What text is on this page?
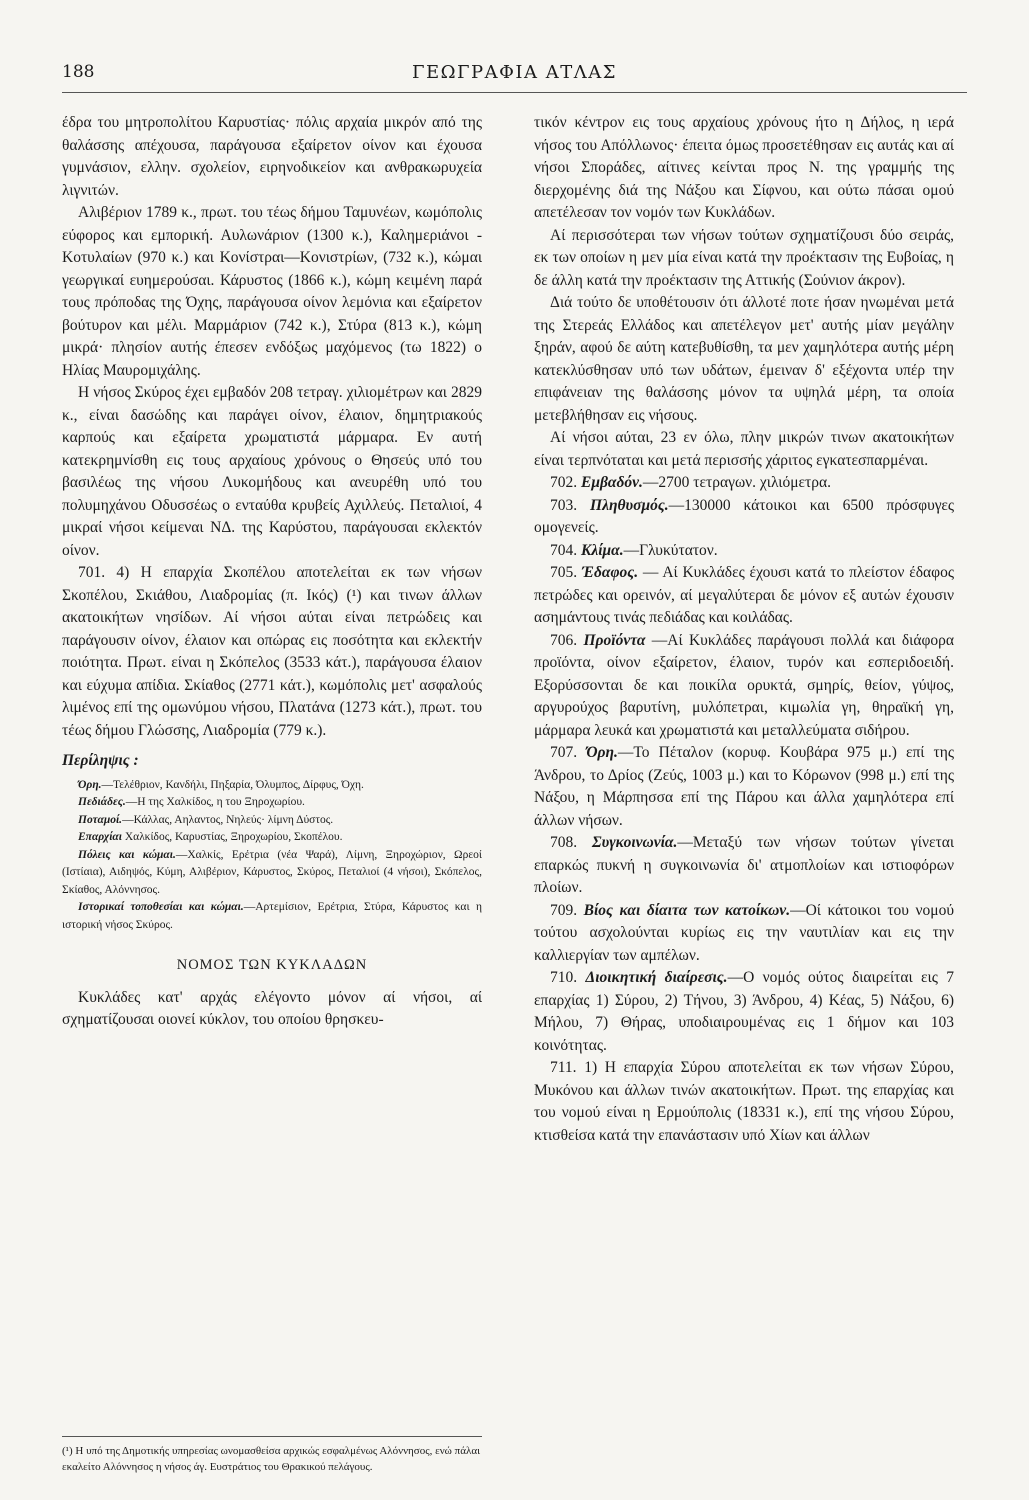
188	ΓΕΩΓΡΑΦΙΑ ΑΤΛΑΣ

έδρα του μητροπολίτου Καρυστίας· πόλις αρχαία μικρόν από της θαλάσσης απέχουσα, παράγουσα εξαίρετον οίνον και έχουσα γυμνάσιον, ελλην. σχολείον, ειρηνοδικείον και ανθρακωρυχεία λιγνιτών.

Αλιβέριον 1789 κ., πρωτ. του τέως δήμου Ταμυνέων, κωμόπολις εύφορος και εμπορική. Αυλωνάριον (1300 κ.), Καλημεριάνοι - Κοτυλαίων (970 κ.) και Κονίστραι—Κονιστρίων, (732 κ.), κώμαι γεωργικαί ευημερούσαι. Κάρυστος (1866 κ.), κώμη κειμένη παρά τους πρόποδας της Όχης, παράγουσα οίνον λεμόνια και εξαίρετον βούτυρον και μέλι. Μαρμάριον (742 κ.), Στύρα (813 κ.), κώμη μικρά· πλησίον αυτής έπεσεν ενδόξως μαχόμενος (τω 1822) ο Ηλίας Μαυρομιχάλης.

Η νήσος Σκύρος έχει εμβαδόν 208 τετραγ. χιλιομέτρων και 2829 κ., είναι δασώδης και παράγει οίνον, έλαιον, δημητριακούς καρπούς και εξαίρετα χρωματιστά μάρμαρα. Εν αυτή κατεκρημνίσθη εις τους αρχαίους χρόνους ο Θησεύς υπό του βασιλέως της νήσου Λυκομήδους και ανευρέθη υπό του πολυμηχάνου Οδυσσέως ο ενταύθα κρυβείς Αχιλλεύς. Πεταλιοί, 4 μικραί νήσοι κείμεναι ΝΔ. της Καρύστου, παράγουσαι εκλεκτόν οίνον.

701. 4) Η επαρχία Σκοπέλου αποτελείται εκ των νήσων Σκοπέλου, Σκιάθου, Λιαδρομίας (π. Ικός) (¹) και τινων άλλων ακατοικήτων νησίδων. Αί νήσοι αύται είναι πετρώδεις και παράγουσιν οίνον, έλαιον και οπώρας εις ποσότητα και εκλεκτήν ποιότητα. Πρωτ. είναι η Σκόπελος (3533 κάτ.), παράγουσα έλαιον και εύχυμα απίδια. Σκίαθος (2771 κάτ.), κωμόπολις μετ' ασφαλούς λιμένος επί της ομωνύμου νήσου, Πλατάνα (1273 κάτ.), πρωτ. του τέως δήμου Γλώσσης, Λιαδρομία (779 κ.).

Περίληψις :

Όρη.—Τελέθριον, Κανδήλι, Πηξαρία, Όλυμπος, Δίρφυς, Όχη.

Πεδιάδες.—Η της Χαλκίδος, η του Ξηροχωρίου.

Ποταμοί.—Κάλλας, Αηλαντος, Νηλεύς· λίμνη Δύστος.

Επαρχίαι Χαλκίδος, Καρυστίας, Ξηροχωρίου, Σκοπέλου.

Πόλεις και κώμαι.—Χαλκίς, Ερέτρια (νέα Ψαρά), Λίμνη, Ξηροχώριον, Ωρεοί (Ιστίαια), Αιδηψός, Κύμη, Αλιβέριον, Κάρυστος, Σκύρος, Πεταλιοί (4 νήσοι), Σκόπελος, Σκίαθος, Αλόννησος.

Ιστορικαί τοποθεσίαι και κώμαι.—Αρτεμίσιον, Ερέτρια, Στύρα, Κάρυστος και η ιστορική νήσος Σκύρος.

ΝΟΜΟΣ ΤΩΝ ΚΥΚΛΑΔΩΝ

Κυκλάδες κατ' αρχάς ελέγοντο μόνον αί νήσοι, αί σχηματίζουσαι οιονεί κύκλον, του οποίου θρησκευ-

τικόν κέντρον εις τους αρχαίους χρόνους ήτο η Δήλος, η ιερά νήσος του Απόλλωνος· έπειτα όμως προσετέθησαν εις αυτάς και αί νήσοι Σποράδες, αίτινες κείνται προς Ν. της γραμμής της διερχομένης διά της Νάξου και Σίφνου, και ούτω πάσαι ομού απετέλεσαν τον νομόν των Κυκλάδων.

Αί περισσότεραι των νήσων τούτων σχηματίζουσι δύο σειράς, εκ των οποίων η μεν μία είναι κατά την προέκτασιν της Ευβοίας, η δε άλλη κατά την προέκτασιν της Αττικής (Σούνιον άκρον).

Διά τούτο δε υποθέτουσιν ότι άλλοτέ ποτε ήσαν ηνωμέναι μετά της Στερεάς Ελλάδος και απετέλεγον μετ' αυτής μίαν μεγάλην ξηράν, αφού δε αύτη κατεβυθίσθη, τα μεν χαμηλότερα αυτής μέρη κατεκλύσθησαν υπό των υδάτων, έμειναν δ' εξέχοντα υπέρ την επιφάνειαν της θαλάσσης μόνον τα υψηλά μέρη, τα οποία μετεβλήθησαν εις νήσους.

Αί νήσοι αύται, 23 εν όλω, πλην μικρών τινων ακατοικήτων είναι τερπνόταται και μετά περισσής χάριτος εγκατεσπαρμέναι.

702. Εμβαδόν.—2700 τετραγων. χιλιόμετρα.

703. Πληθυσμός.—130000 κάτοικοι και 6500 πρόσφυγες ομογενείς.

704. Κλίμα.—Γλυκύτατον.

705. Έδαφος. — Αί Κυκλάδες έχουσι κατά το πλείστον έδαφος πετρώδες και ορεινόν, αί μεγαλύτεραι δε μόνον εξ αυτών έχουσιν ασημάντους τινάς πεδιάδας και κοιλάδας.

706. Προϊόντα —Αί Κυκλάδες παράγουσι πολλά και διάφορα προϊόντα, οίνον εξαίρετον, έλαιον, τυρόν και εσπεριδοειδή. Εξορύσσονται δε και ποικίλα ορυκτά, σμηρίς, θείον, γύψος, αργυρούχος βαρυτίνη, μυλόπετραι, κιμωλία γη, θηραϊκή γη, μάρμαρα λευκά και χρωματιστά και μεταλλεύματα σιδήρου.

707. Όρη.—Το Πέταλον (κορυφ. Κουβάρα 975 μ.) επί της Άνδρου, το Δρίος (Ζεύς, 1003 μ.) και το Κόρωνον (998 μ.) επί της Νάξου, η Μάρπησσα επί της Πάρου και άλλα χαμηλότερα επί άλλων νήσων.

708. Συγκοινωνία.—Μεταξύ των νήσων τούτων γίνεται επαρκώς πυκνή η συγκοινωνία δι' ατμοπλοίων και ιστιοφόρων πλοίων.

709. Βίος και δίαιτα των κατοίκων.—Οί κάτοικοι του νομού τούτου ασχολούνται κυρίως εις την ναυτιλίαν και εις την καλλιεργίαν των αμπέλων.

710. Διοικητική διαίρεσις.—Ο νομός ούτος διαιρείται εις 7 επαρχίας 1) Σύρου, 2) Τήνου, 3) Άνδρου, 4) Κέας, 5) Νάξου, 6) Μήλου, 7) Θήρας, υποδιαιρουμένας εις 1 δήμον και 103 κοινότητας.

711. 1) Η επαρχία Σύρου αποτελείται εκ των νήσων Σύρου, Μυκόνου και άλλων τινών ακατοικήτων. Πρωτ. της επαρχίας και του νομού είναι η Ερμούπολις (18331 κ.), επί της νήσου Σύρου, κτισθείσα κατά την επανάστασιν υπό Χίων και άλλων

(¹) Η υπό της Δημοτικής υπηρεσίας ωνομασθείσα αρχικώς εσφαλμένως Αλόννησος, ενώ πάλαι εκαλείτο Αλόννησος η νήσος άγ. Ευστράτιος του Θρακικού πελάγους.
